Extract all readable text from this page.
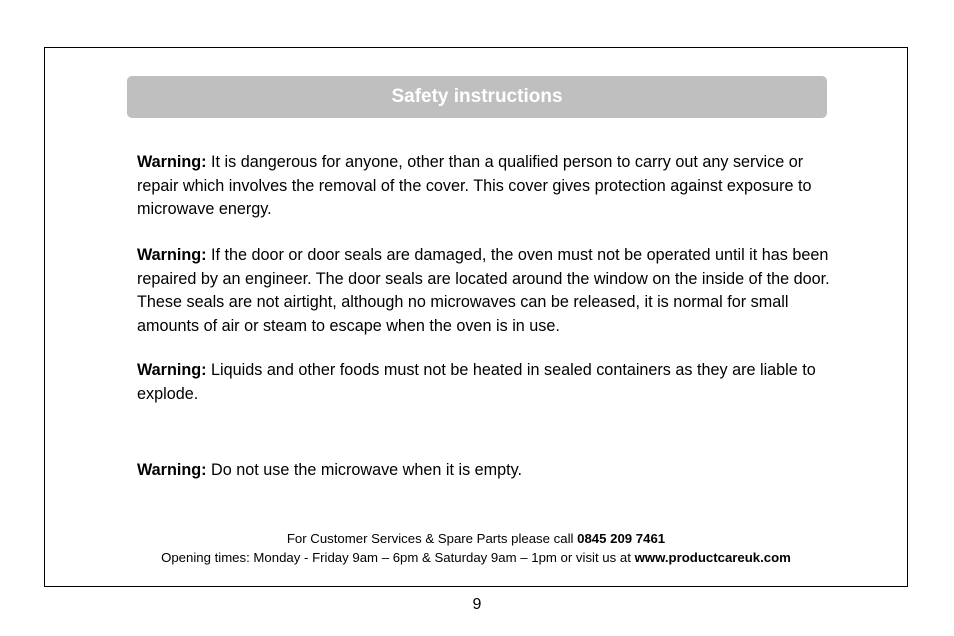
Safety instructions
Warning: It is dangerous for anyone, other than a qualified person to carry out any service or repair which involves the removal of the cover. This cover gives protection against exposure to microwave energy.
Warning: If the door or door seals are damaged, the oven must not be operated until it has been repaired by an engineer. The door seals are located around the window on the inside of the door. These seals are not airtight, although no microwaves can be released, it is normal for small amounts of air or steam to escape when the oven is in use.
Warning: Liquids and other foods must not be heated in sealed containers as they are liable to explode.
Warning: Do not use the microwave when it is empty.
For Customer Services & Spare Parts please call 0845 209 7461
Opening times: Monday - Friday 9am – 6pm & Saturday 9am – 1pm or visit us at www.productcareuk.com
9
